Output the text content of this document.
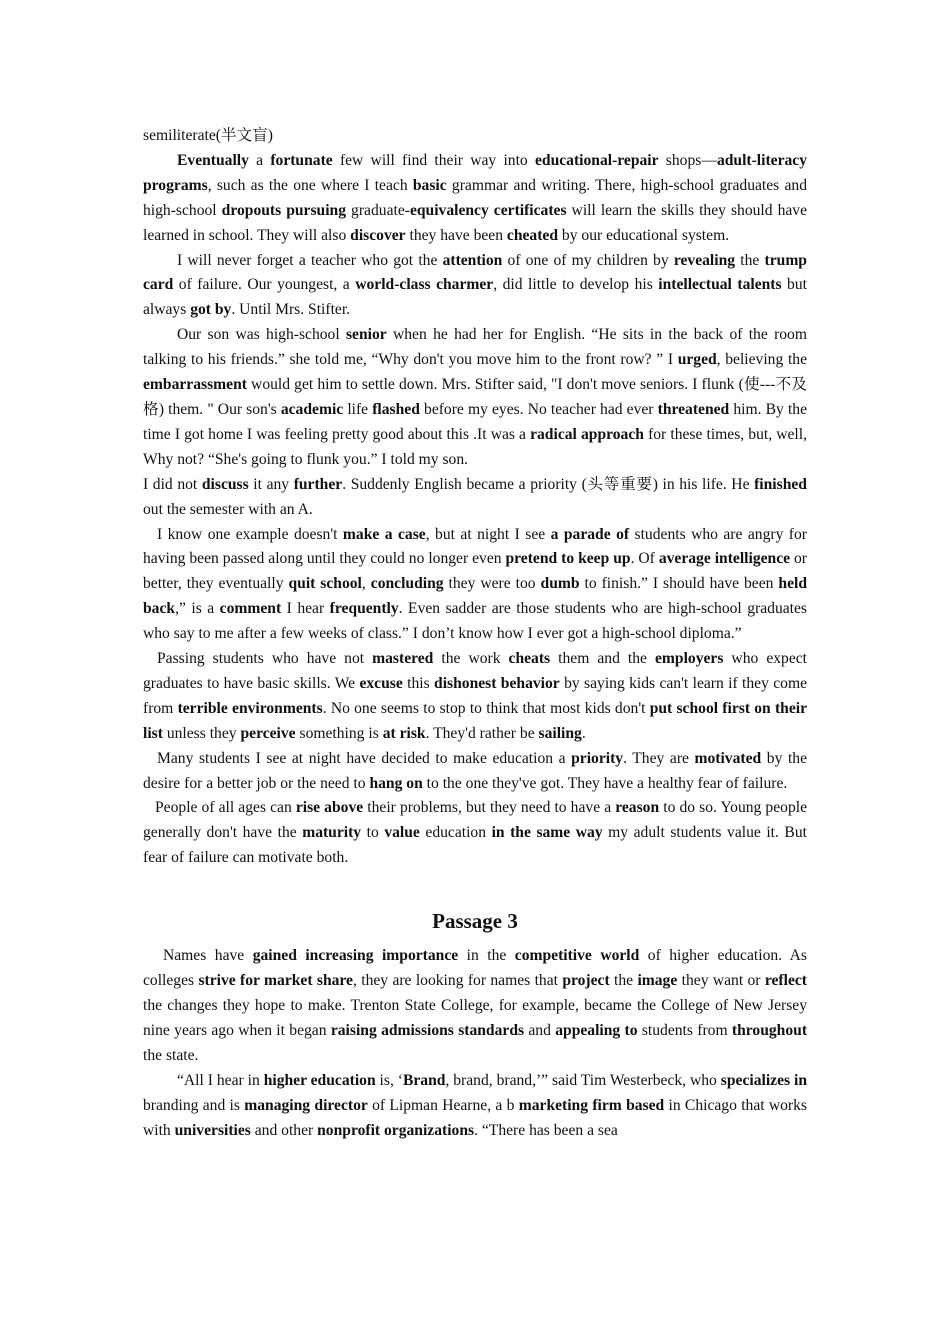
semiliterate(半文盲)

Eventually a fortunate few will find their way into educational-repair shops—adult-literacy programs, such as the one where I teach basic grammar and writing. There, high-school graduates and high-school dropouts pursuing graduate-equivalency certificates will learn the skills they should have learned in school. They will also discover they have been cheated by our educational system.

I will never forget a teacher who got the attention of one of my children by revealing the trump card of failure. Our youngest, a world-class charmer, did little to develop his intellectual talents but always got by. Until Mrs. Stifter.

Our son was high-school senior when he had her for English. “He sits in the back of the room talking to his friends.” she told me, “Why don't you move him to the front row? ” I urged, believing the embarrassment would get him to settle down. Mrs. Stifter said, "I don't move seniors. I flunk (使---不及格) them. " Our son's academic life flashed before my eyes. No teacher had ever threatened him. By the time I got home I was feeling pretty good about this .It was a radical approach for these times, but, well, Why not? “She's going to flunk you.” I told my son.

I did not discuss it any further. Suddenly English became a priority (头等重要) in his life. He finished out the semester with an A.

I know one example doesn't make a case, but at night I see a parade of students who are angry for having been passed along until they could no longer even pretend to keep up. Of average intelligence or better, they eventually quit school, concluding they were too dumb to finish.” I should have been held back,” is a comment I hear frequently. Even sadder are those students who are high-school graduates who say to me after a few weeks of class.” I don’t know how I ever got a high-school diploma.”

Passing students who have not mastered the work cheats them and the employers who expect graduates to have basic skills. We excuse this dishonest behavior by saying kids can't learn if they come from terrible environments. No one seems to stop to think that most kids don't put school first on their list unless they perceive something is at risk. They'd rather be sailing.

Many students I see at night have decided to make education a priority. They are motivated by the desire for a better job or the need to hang on to the one they've got. They have a healthy fear of failure.

People of all ages can rise above their problems, but they need to have a reason to do so. Young people generally don't have the maturity to value education in the same way my adult students value it. But fear of failure can motivate both.

Passage 3

Names have gained increasing importance in the competitive world of higher education. As colleges strive for market share, they are looking for names that project the image they want or reflect the changes they hope to make. Trenton State College, for example, became the College of New Jersey nine years ago when it began raising admissions standards and appealing to students from throughout the state.

“All I hear in higher education is, ‘Brand, brand, brand,’” said Tim Westerbeck, who specializes in branding and is managing director of Lipman Hearne, a b marketing firm based in Chicago that works with universities and other nonprofit organizations. “There has been a sea
